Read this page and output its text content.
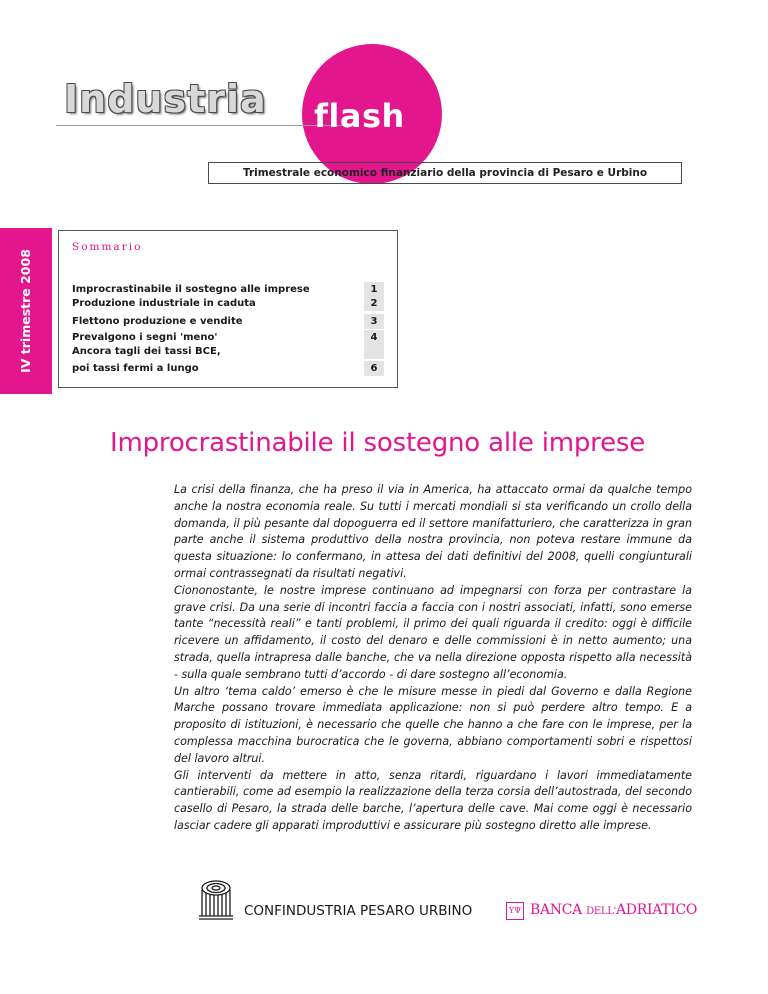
Industria flash
Trimestrale economico finanziario della provincia di Pesaro e Urbino
IV trimestre 2008
Sommario
Improcrastinabile il sostegno alle imprese	1
Produzione industriale in caduta	2
Flettono produzione e vendite	3
Prevalgono i segni 'meno'	4
Ancora tagli dei tassi BCE,
poi tassi fermi a lungo	6
Improcrastinabile il sostegno alle imprese

La crisi della finanza, che ha preso il via in America, ha attaccato ormai da qualche tempo anche la nostra economia reale. Su tutti i mercati mondiali si sta verificando un crollo della domanda, il più pesante dal dopoguerra ed il settore manifatturiero, che caratterizza in gran parte anche il sistema produttivo della nostra provincia, non poteva restare immune da questa situazione: lo confermano, in attesa dei dati definitivi del 2008, quelli congiunturali ormai contrassegnati da risultati negativi.

Ciononostante, le nostre imprese continuano ad impegnarsi con forza per contrastare la grave crisi. Da una serie di incontri faccia a faccia con i nostri associati, infatti, sono emerse tante “necessità reali” e tanti problemi, il primo dei quali riguarda il credito: oggi è difficile ricevere un affidamento, il costo del denaro e delle commissioni è in netto aumento; una strada, quella intrapresa dalle banche, che va nella direzione opposta rispetto alla necessità - sulla quale sembrano tutti d’accordo - di dare sostegno all’economia.

Un altro ‘tema caldo’ emerso è che le misure messe in piedi dal Governo e dalla Regione Marche possano trovare immediata applicazione: non si può perdere altro tempo. E a proposito di istituzioni, è necessario che quelle che hanno a che fare con le imprese, per la complessa macchina burocratica che le governa, abbiano comportamenti sobri e rispettosi del lavoro altrui.

Gli interventi da mettere in atto, senza ritardi, riguardano i lavori immediatamente cantierabili, come ad esempio la realizzazione della terza corsia dell’autostrada, del secondo casello di Pesaro, la strada delle barche, l’apertura delle cave. Mai come oggi è necessario lasciar cadere gli apparati improduttivi e assicurare più sostegno diretto alle imprese.

CONFINDUSTRIA PESARO URBINO	ΥΨ BANCA DELL'ADRIATICO
